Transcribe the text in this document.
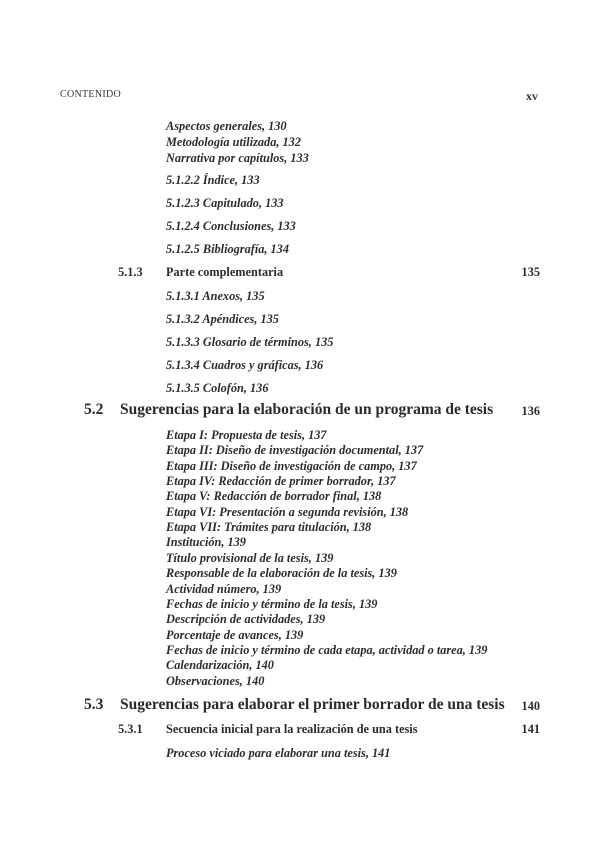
CONTENIDO	xv
Aspectos generales, 130
Metodología utilizada, 132
Narrativa por capítulos, 133
5.1.2.2 Índice, 133
5.1.2.3 Capitulado, 133
5.1.2.4 Conclusiones, 133
5.1.2.5 Bibliografía, 134
5.1.3 Parte complementaria	135
5.1.3.1 Anexos, 135
5.1.3.2 Apéndices, 135
5.1.3.3 Glosario de términos, 135
5.1.3.4 Cuadros y gráficas, 136
5.1.3.5 Colofón, 136
5.2 Sugerencias para la elaboración de un programa de tesis	136
Etapa I: Propuesta de tesis, 137
Etapa II: Diseño de investigación documental, 137
Etapa III: Diseño de investigación de campo, 137
Etapa IV: Redacción de primer borrador, 137
Etapa V: Redacción de borrador final, 138
Etapa VI: Presentación a segunda revisión, 138
Etapa VII: Trámites para titulación, 138
Institución, 139
Título provisional de la tesis, 139
Responsable de la elaboración de la tesis, 139
Actividad número, 139
Fechas de inicio y término de la tesis, 139
Descripción de actividades, 139
Porcentaje de avances, 139
Fechas de inicio y término de cada etapa, actividad o tarea, 139
Calendarización, 140
Observaciones, 140
5.3 Sugerencias para elaborar el primer borrador de una tesis	140
5.3.1 Secuencia inicial para la realización de una tesis	141
Proceso viciado para elaborar una tesis, 141
